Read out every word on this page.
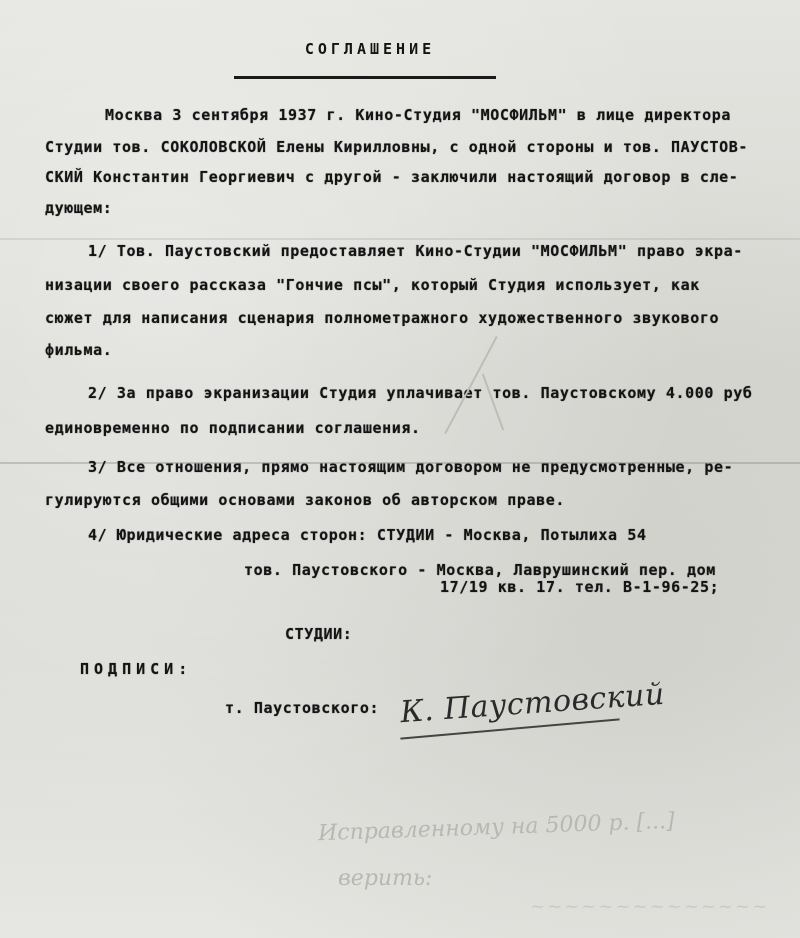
СОГЛАШЕНИЕ
Москва 3 сентября 1937 г. Кино-Студия "МОСФИЛЬМ" в лице директора
Студии тов. СОКОЛОВСКОЙ Елены Кирилловны, с одной стороны и тов. ПАУСТОВ-
СКИЙ Константин Георгиевич с другой - заключили настоящий договор в сле-
дующем:
1/ Тов. Паустовский предоставляет Кино-Студии "МОСФИЛЬМ" право экра-
низации своего рассказа "Гончие псы", который Студия использует, как
сюжет для написания сценария полнометражного художественного звукового
фильма.
2/ За право экранизации Студия уплачивает тов. Паустовскому 4.000 руб
единовременно по подписании соглашения.
3/ Все отношения, прямо настоящим договором не предусмотренные, ре-
гулируются общими основами законов об авторском праве.
4/ Юридические адреса сторон: СТУДИИ - Москва, Потылиха 54
тов. Паустовского - Москва, Лаврушинский пер. дом
17/19 кв. 17. тел. В-1-96-25;
СТУДИИ:
ПОДПИСИ:
т. Паустовского: К. Паустовский
Исправленному на 5000 р. [...]
верить:
~~~~~~~~~~~~~~
